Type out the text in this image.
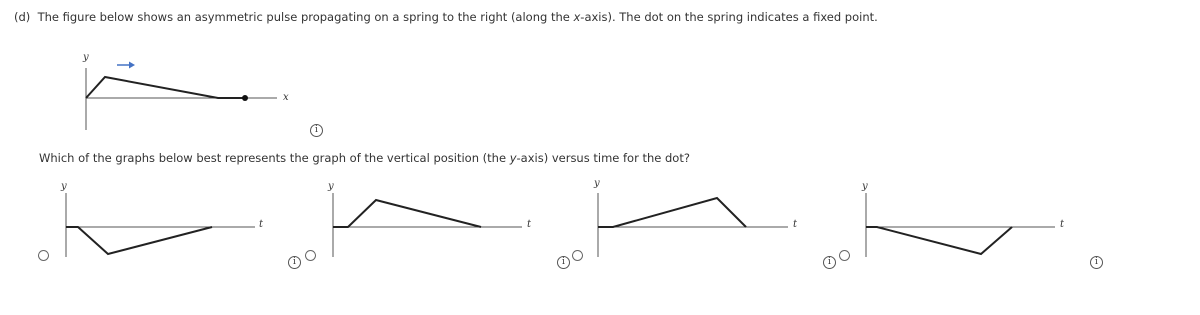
(d) The figure below shows an asymmetric pulse propagating on a spring to the right (along the x-axis). The dot on the spring indicates a fixed point.
y
x
i
Which of the graphs below best represents the graph of the vertical position (the y-axis) versus time for the dot?
y
t
i
y
t
i
y
t
i
y
t
i
